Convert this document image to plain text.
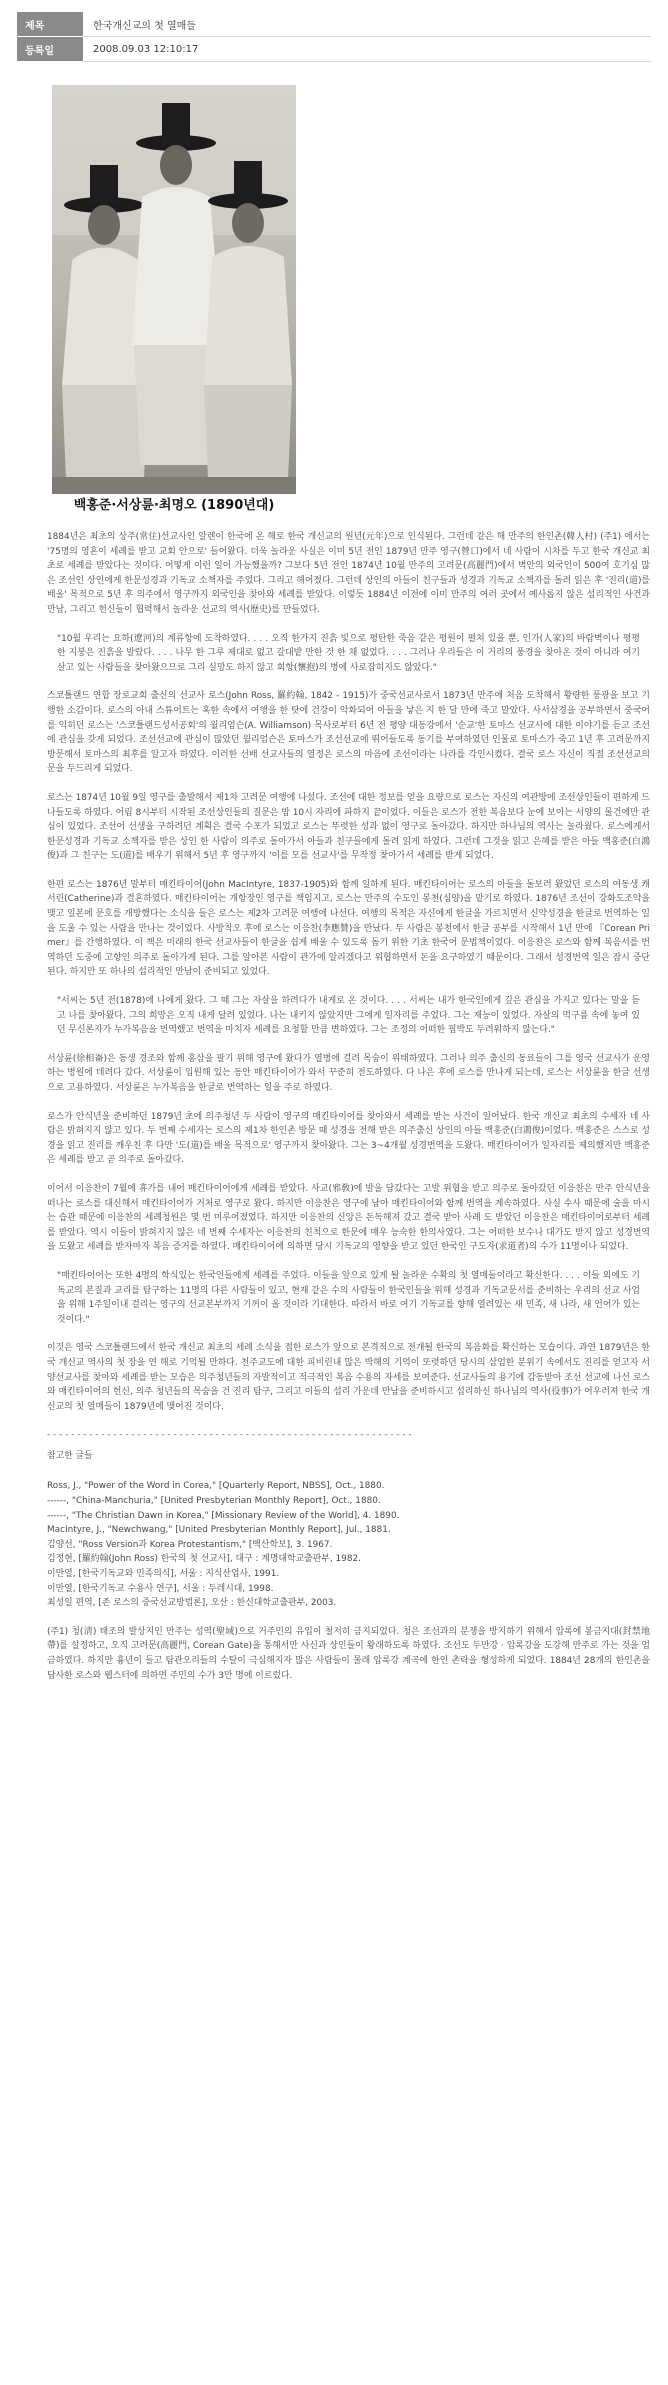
제목	한국개신교의 첫 열매들
등록일	2008.09.03 12:10:17
백홍준·서상륜·최명오 (1890년대)

1884년은 최초의 상주(常住)선교사인 알렌이 한국에 온 해로 한국 개신교의 원년(元年)으로 인식된다. 그런데 같은 해 만주의 한인촌(韓人村) (주1) 에서는 '75명의 영혼이 세례를 받고 교회 안으로' 들어왔다. 더욱 놀라운 사실은 이미 5년 전인 1879년 만주 영구(營口)에서 네 사람이 시차를 두고 한국 개신교 최초로 세례를 받았다는 것이다. 어떻게 이런 일이 가능했을까? 그보다 5년 전인 1874년 10월 만주의 고려문(高麗門)에서 벽안의 외국인이 500여 호기심 많은 조선인 상인에게 한문성경과 기독교 소책자를 주었다. 그리고 헤어졌다. 그런데 상인의 아들이 친구들과 성경과 기독교 소책자를 돌려 읽은 후 '진리(道)를 배울' 목적으로 5년 후 의주에서 영구까지 외국인을 찾아와 세례를 받았다. 이렇듯 1884년 이전에 이미 만주의 여러 곳에서 예사롭지 않은 섭리적인 사건과 만남, 그리고 헌신들이 협력해서 놀라운 선교의 역사(歷史)를 만들었다.

"10월 우리는 요하(遼河)의 계류항에 도착하였다. . . . 오직 한가지 진흙 빛으로 평탄한 죽음 같은 평원이 펼쳐 있을 뿐, 인가(人家)의 바람벽이나 평평한 지붕은 진흙을 발랐다. . . . 나무 한 그루 제대로 없고 갈대밭 만한 것 한 채 없었다. . . . 그러나 우리들은 이 거리의 풍경을 찾아온 것이 아니라 여기 살고 있는 사람들을 찾아왔으므로 그리 실망도 하지 않고 회항(懷抱)의 병에 사로잡히지도 않았다."

스코틀랜드 연합 장로교회 출신의 선교사 로스(John Ross, 羅約翰, 1842 - 1915)가 중국선교사로서 1873년 만주에 처음 도착해서 황량한 풍광을 보고 기행한 소감이다. 로스의 아내 스튜어트는 혹한 속에서 여행을 한 탓에 건강이 악화되어 아들을 낳은 지 한 달 만에 죽고 말았다. 사서삼경을 공부하면서 중국어를 익히던 로스는 '스코틀랜드성서공회'의 윌리엄슨(A. Williamson) 목사로부터 6년 전 평양 대동강에서 '순교'한 토마스 선교사에 대한 이야기를 듣고 조선에 관심을 갖게 되었다. 조선선교에 관심이 많았던 윌리엄슨은 토마스가 조선선교에 뛰어들도록 동기를 부여하였던 인물로 토마스가 죽고 1년 후 고려문까지 방문해서 토마스의 최후를 알고자 하였다. 이러한 선배 선교사들의 열정은 로스의 마음에 조선이라는 나라를 각인시켰다. 결국 로스 자신이 직접 조선선교의 문을 두드리게 되었다.

로스는 1874년 10월 9일 영구를 출발해서 제1차 고려문 여행에 나섰다. 조선에 대한 정보를 얻을 요량으로 로스는 자신의 여관방에 조선상인들이 편하게 드나들도록 하였다. 어림 8시부터 시작된 조선상인들의 질문은 밤 10시 자리에 파하지 끝이었다. 이들은 로스가 전한 복음보다 눈에 보이는 서양의 물건에만 관심이 있었다. 조선어 선생을 구하려던 계획은 결국 수포가 되었고 로스는 뚜렷한 성과 없이 영구로 돌아갔다. 하지만 하나님의 역사는 놀라웠다. 로스에게서 한문성경과 기독교 소책자를 받은 상인 한 사람이 의주로 돌아가서 아들과 친구들에게 돌려 읽게 하였다. 그런데 그것을 읽고 은혜를 받은 아들 백홍준(白鴻俊)과 그 친구는 도(道)를 배우기 위해서 5년 후 영구까지 '이를 모를 선교사'를 무작정 찾아가서 세례를 받게 되었다.

한편 로스는 1876년 말부터 매킨타이어(John MacIntyre, 1837-1905)와 함께 일하게 된다. 매킨타이어는 로스의 아들을 돌보러 왔었던 로스의 여동생 캐서린(Catherine)과 결혼하였다. 매킨타이어는 개항장인 영구를 책임지고, 로스는 만주의 수도인 봉천(심양)을 맡기로 하였다. 1876년 조선이 강화도조약을 맺고 일본에 문호를 개방했다는 소식을 들은 로스는 제2차 고려문 여행에 나선다. 여행의 목적은 자신에게 한글을 가르치면서 신약성경을 한글로 번역하는 일을 도울 수 있는 사람을 만나는 것이었다. 사방착오 후에 로스는 이응찬(李應贊)을 만났다. 두 사람은 봉천에서 한글 공부를 시작해서 1년 만에 『Corean Primer』를 간행하였다. 이 책은 미래의 한국 선교사들이 한글을 쉽게 배울 수 있도록 돕기 위한 기초 한국어 문법책이었다. 이응찬은 로스와 함께 복음서를 번역하던 도중에 고향인 의주로 돌아가게 된다. 그를 알아본 사람이 관가에 알리겠다고 위협하면서 돈을 요구하였기 때문이다. 그래서 성경번역 일은 잠시 중단된다. 하지만 또 하나의 섭리적인 만남이 준비되고 있었다.

"서씨는 5년 전(1878)에 나에게 왔다. 그 때 그는 자살을 하려다가 내게로 온 것이다. . . . 서씨는 내가 한국인에게 깊은 관심을 가지고 있다는 말을 듣고 나를 찾아왔다. 그의 희망은 오직 내게 달려 있었다. 나는 내키지 않았지만 그에게 일자리를 주었다. 그는 재능이 있었다. 자살의 먹구름 속에 놓여 있던 무신론자가 누가복음을 번역했고 번역을 마치자 세례를 요청할 만큼 변하였다. 그는 조정의 어떠한 핍박도 두려워하지 않는다."

서상륜(徐相崙)은 동생 경조와 함께 홍삼을 팔기 위해 영구에 왔다가 열병에 걸려 목숨이 위태하였다. 그러나 의주 출신의 동료들이 그를 영국 선교사가 운영하는 병원에 데려다 갔다. 서상륜이 입원해 있는 동안 매킨타이어가 와서 꾸준히 전도하였다. 다 나은 후에 로스를 만나게 되는데, 로스는 서상륜을 한글 선생으로 고용하였다. 서상륜은 누가복음을 한글로 번역하는 일을 주로 하였다.

로스가 안식년을 준비하던 1879년 초에 의주청년 두 사람이 영구의 매킨타이어를 찾아와서 세례를 받는 사건이 일어났다. 한국 개신교 최초의 수세자 네 사람은 밝혀지지 않고 있다. 두 번째 수세자는 로스의 제1차 한인촌 방문 때 성경을 전해 받은 의주출신 상인의 아들 백홍준(白鴻俊)이었다. 백홍준은 스스로 성경을 읽고 진리를 깨우친 후 다만 '도(道)를 배울 목적으로' 영구까지 찾아왔다. 그는 3~4개월 성경번역을 도왔다. 매킨타이어가 일자리를 제의했지만 백홍준은 세례를 받고 곧 의주로 돌아갔다.

이어서 이응찬이 7월에 휴가를 내어 매킨타이어에게 세례를 받았다. 사교(邪敎)에 발을 담갔다는 고발 위협을 받고 의주로 돌아갔던 이응찬은 만주 안식년을 떠나는 로스를 대신해서 매킨타이어가 거처로 영구로 왔다. 하지만 이응찬은 영구에 남아 매킨타이어와 함께 번역을 계속하였다. 사실 수사 때문에 술을 마시는 습관 때문에 이응찬의 세례청원은 몇 번 미루어졌었다. 하지만 이응찬의 신앙은 돈독해져 갔고 결국 받아 사례 도 받았던 이응찬은 매킨타이어로부터 세례를 받았다. 역시 이들이 밝혀지지 않은 네 번째 수세자는 이응찬의 친척으로 한문에 매우 능숙한 한의사였다. 그는 어떠한 보수나 대가도 받지 않고 성경번역을 도왔고 세례를 받자마자 복음 증거를 하였다. 매킨타이어에 의하면 당시 기독교의 영향을 받고 있던 한국인 구도자(求道者)의 수가 11명이나 되었다.

"매킨타이어는 또한 4명의 학식있는 한국인들에게 세례를 주었다. 이들을 앞으로 있게 될 놀라운 수확의 첫 열매들이라고 확신한다. . . . 이들 외에도 기독교의 본질과 교리를 탐구하는 11명의 다른 사람들이 있고, 현재 같은 수의 사람들이 한국인들을 위해 성경과 기독교문서를 준비하는 우리의 선교 사업을 위해 1주일이내 걸리는 영구의 선교본부까지 기꺼이 올 것이라 기대한다. 따라서 바로 여기 기독교를 향해 열려있는 새 민족, 새 나라, 새 언어가 있는 것이다."

이것은 영국 스코틀랜드에서 한국 개신교 최초의 세례 소식을 접한 로스가 앞으로 본격적으로 전개될 한국의 복음화를 확신하는 모습이다. 과연 1879년은 한국 개신교 역사의 첫 장을 연 해로 기억될 만하다. 천주교도에 대한 피비린내 많은 박해의 기억이 또렷하던 당시의 삼엄한 분위기 속에서도 진리를 얻고자 서양선교사를 찾아와 세례를 받는 모습은 의주청년들의 자발적이고 적극적인 복음 수용의 자세를 보여준다. 선교사들의 용기에 감동받아 조선 선교에 나선 로스와 매킨타이어의 헌신, 의주 청년들의 목숨을 건 진리 탐구, 그리고 이들의 섭리 가운데 만남을 준비하시고 섭리하신 하나님의 역사(役事)가 어우러져 한국 개신교의 첫 열매들이 1879년에 맺어진 것이다.

- - - - - - - - - - - - - - - - - - - - - - - - - - - - - - - - - - - - - - - - - - - - - - - - - - - - - - - - - - - - -
참고한 글들
Ross, J., "Power of the Word in Corea," [Quarterly Report, NBSS], Oct., 1880.
------, "China-Manchuria," [United Presbyterian Monthly Report], Oct., 1880.
------, "The Christian Dawn in Korea," [Missionary Review of the World], 4. 1890.
MacIntyre, J., "Newchwang," [United Presbyterian Monthly Report], Jul., 1881.
김양선, "Ross Version과 Korea Protestantism," [백산학보], 3. 1967.
김정현, [羅約翰(John Ross) 한국의 첫 선교사], 대구 : 계명대학교출판부, 1982.
이만열, [한국기독교와 민족의식], 서울 : 지식산업사, 1991.
이만열, [한국기독교 수용사 연구], 서울 : 두레시대, 1998.
최성일 편역, [존 로스의 중국선교방법론], 오산 : 한신대학교출판부, 2003.

(주1) 청(淸) 태조의 발상지인 만주는 성역(聖域)으로 거주민의 유입이 철저히 금지되었다. 청은 조선과의 분쟁을 방지하기 위해서 압록에 봉금지대(封禁地帶)를 설정하고, 오직 고려문(高麗門, Corean Gate)을 통해서만 사신과 상인들이 왕래하도록 하였다. 조선도 두만강 · 압록강을 도강해 만주로 가는 것을 엄금하였다. 하지만 흉년이 들고 탐관오리들의 수탈이 극심해지자 많은 사람들이 몰래 압록강 계곡에 한인 촌락을 형성하게 되었다. 1884년 28개의 한인촌을 답사한 로스와 웹스터에 의하면 주민의 수가 3만 명에 이르렀다.
